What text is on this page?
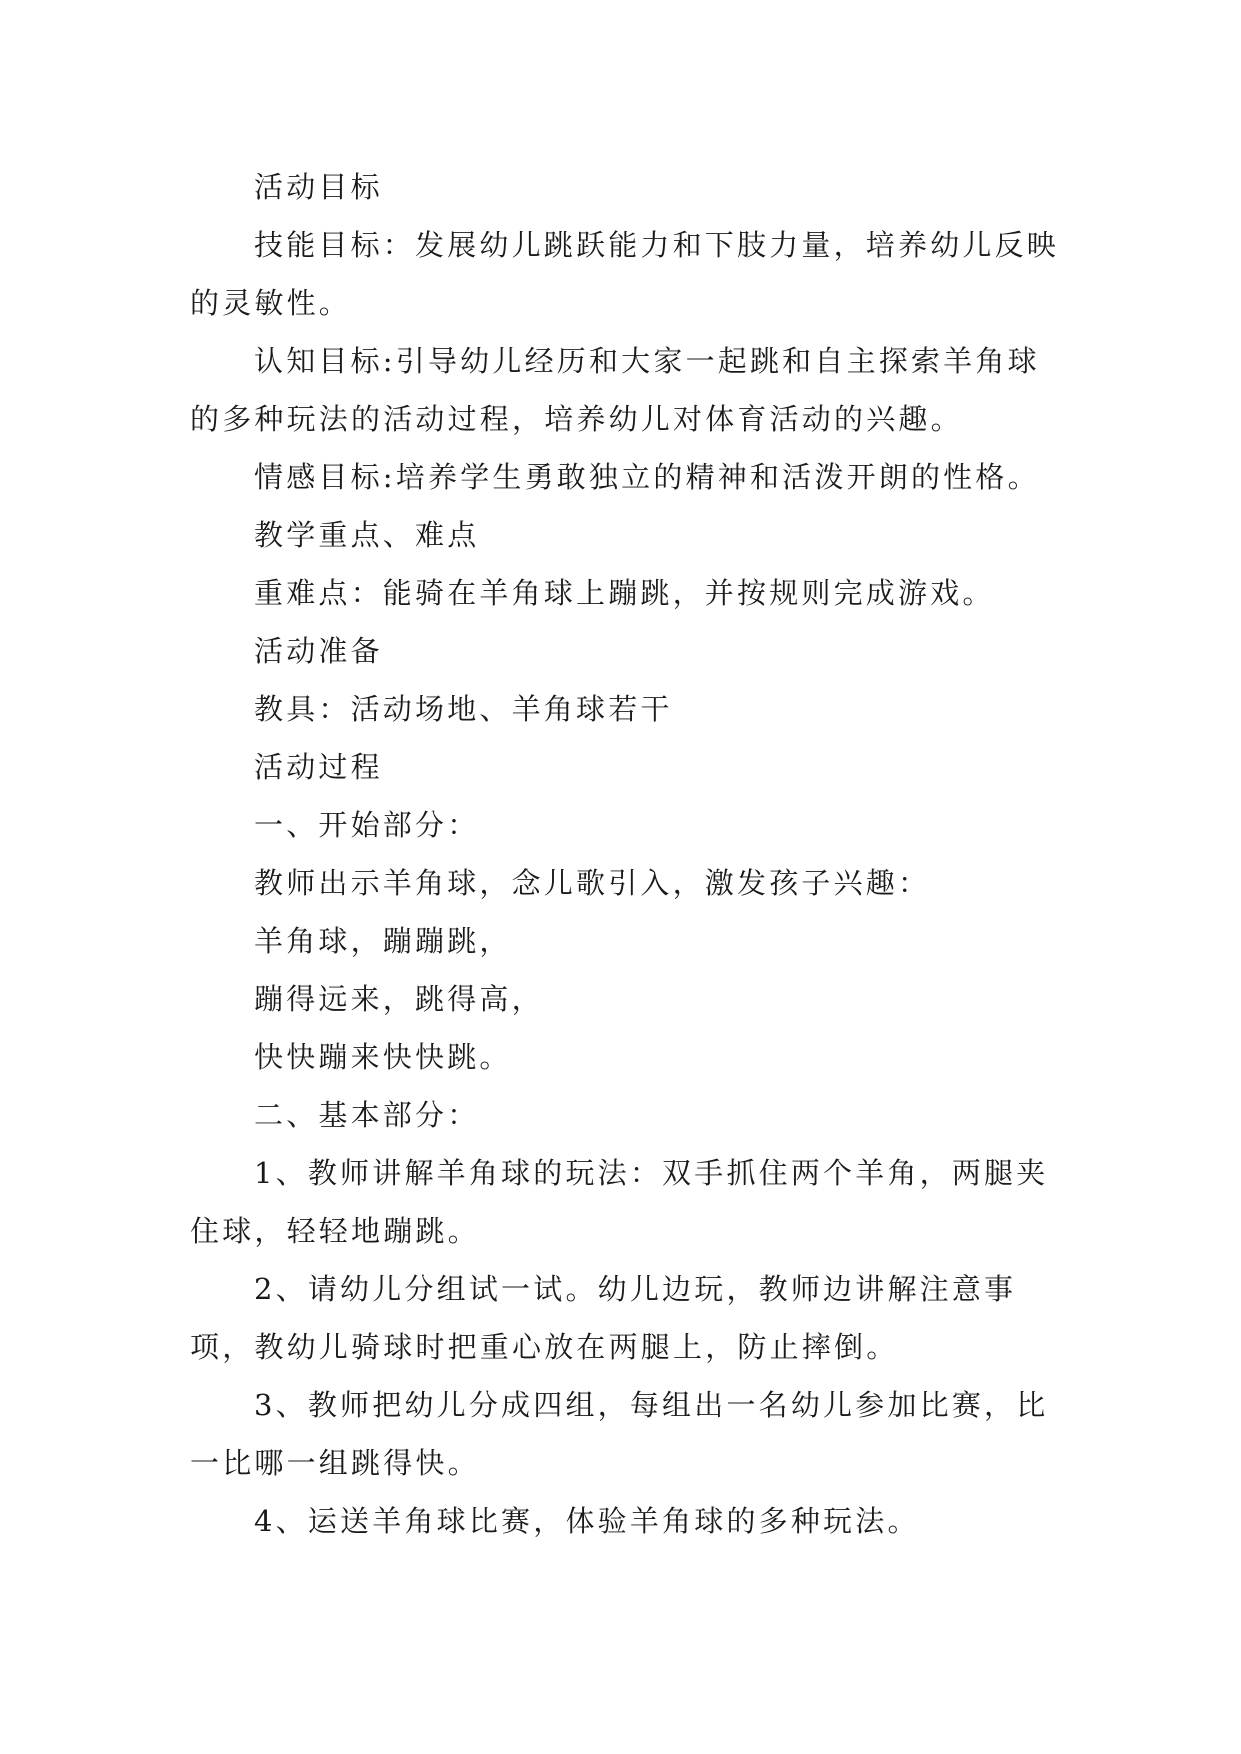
活动目标

技能目标：发展幼儿跳跃能力和下肢力量，培养幼儿反映的灵敏性。

认知目标:引导幼儿经历和大家一起跳和自主探索羊角球的多种玩法的活动过程，培养幼儿对体育活动的兴趣。

情感目标:培养学生勇敢独立的精神和活泼开朗的性格。

教学重点、难点

重难点：能骑在羊角球上蹦跳，并按规则完成游戏。

活动准备

教具：活动场地、羊角球若干

活动过程

一、开始部分：

教师出示羊角球，念儿歌引入，激发孩子兴趣：

羊角球，蹦蹦跳，

蹦得远来，跳得高，

快快蹦来快快跳。

二、基本部分：

1、教师讲解羊角球的玩法：双手抓住两个羊角，两腿夹住球，轻轻地蹦跳。

2、请幼儿分组试一试。幼儿边玩，教师边讲解注意事项，教幼儿骑球时把重心放在两腿上，防止摔倒。

3、教师把幼儿分成四组，每组出一名幼儿参加比赛，比一比哪一组跳得快。

4、运送羊角球比赛，体验羊角球的多种玩法。
